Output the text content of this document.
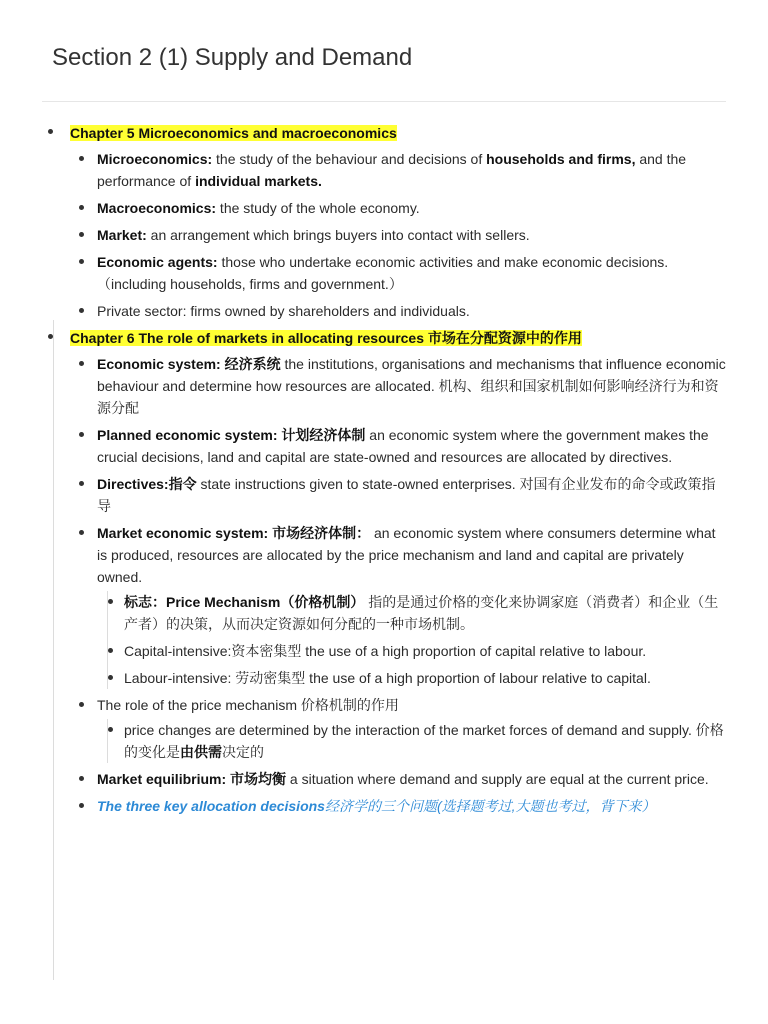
Section 2 (1) Supply and Demand
Chapter 5 Microeconomics and macroeconomics
Microeconomics: the study of the behaviour and decisions of households and firms, and the performance of individual markets.
Macroeconomics: the study of the whole economy.
Market: an arrangement which brings buyers into contact with sellers.
Economic agents: those who undertake economic activities and make economic decisions.（including households, firms and government.）
Private sector: firms owned by shareholders and individuals.
Chapter 6 The role of markets in allocating resources 市场在分配资源中的作用
Economic system: 经济系统 the institutions, organisations and mechanisms that influence economic behaviour and determine how resources are allocated. 机构、组织和国家机制如何影响经济行为和资源分配
Planned economic system: 计划经济体制 an economic system where the government makes the crucial decisions, land and capital are state-owned and resources are allocated by directives.
Directives:指令 state instructions given to state-owned enterprises. 对国有企业发布的命令或政策指导
Market economic system: 市场经济体制： an economic system where consumers determine what is produced, resources are allocated by the price mechanism and land and capital are privately owned.
标志：Price Mechanism（价格机制） 指的是通过价格的变化来协调家庭（消费者）和企业（生产者）的决策，从而决定资源如何分配的一种市场机制。
Capital-intensive:资本密集型 the use of a high proportion of capital relative to labour.
Labour-intensive: 劳动密集型 the use of a high proportion of labour relative to capital.
The role of the price mechanism 价格机制的作用
price changes are determined by the interaction of the market forces of demand and supply. 价格的变化是由供需决定的
Market equilibrium: 市场均衡 a situation where demand and supply are equal at the current price.
The three key allocation decisions经济学的三个问题(选择题考过,大题也考过，背下来）
